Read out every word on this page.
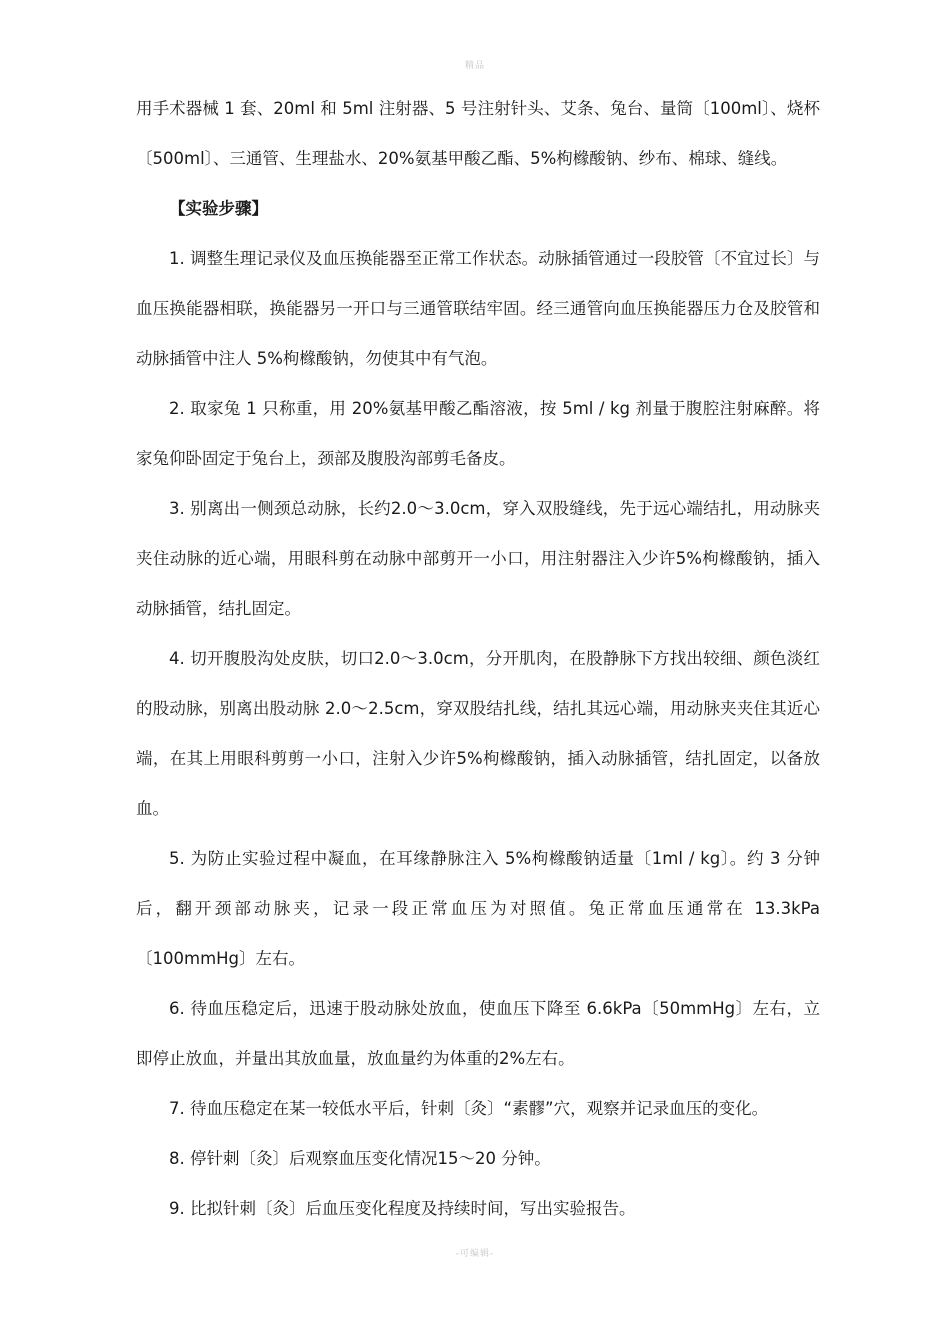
精品

用手术器械 1 套、20ml 和 5ml 注射器、5 号注射针头、艾条、兔台、量筒〔100ml〕、烧杯〔500ml〕、三通管、生理盐水、20%氨基甲酸乙酯、5%枸橼酸钠、纱布、棉球、缝线。

【实验步骤】

1. 调整生理记录仪及血压换能器至正常工作状态。动脉插管通过一段胶管〔不宜过长〕与血压换能器相联，换能器另一开口与三通管联结牢固。经三通管向血压换能器压力仓及胶管和动脉插管中注人 5%枸橼酸钠，勿使其中有气泡。

2. 取家兔 1 只称重，用 20%氨基甲酸乙酯溶液，按 5ml / kg 剂量于腹腔注射麻醉。将家兔仰卧固定于兔台上，颈部及腹股沟部剪毛备皮。

3. 别离出一侧颈总动脉，长约2.0～3.0cm，穿入双股缝线，先于远心端结扎，用动脉夹夹住动脉的近心端，用眼科剪在动脉中部剪开一小口，用注射器注入少许5%枸橼酸钠，插入动脉插管，结扎固定。

4. 切开腹股沟处皮肤，切口2.0～3.0cm，分开肌肉，在股静脉下方找出较细、颜色淡红的股动脉，别离出股动脉 2.0～2.5cm，穿双股结扎线，结扎其远心端，用动脉夹夹住其近心端，在其上用眼科剪剪一小口，注射入少许5%枸橼酸钠，插入动脉插管，结扎固定，以备放血。

5. 为防止实验过程中凝血，在耳缘静脉注入 5%枸橼酸钠适量〔1ml / kg〕。约 3 分钟后，翻开颈部动脉夹，记录一段正常血压为对照值。兔正常血压通常在 13.3kPa〔100mmHg〕左右。

6. 待血压稳定后，迅速于股动脉处放血，使血压下降至 6.6kPa〔50mmHg〕左右，立即停止放血，并量出其放血量，放血量约为体重的2%左右。

7. 待血压稳定在某一较低水平后，针刺〔灸〕“素髎”穴，观察并记录血压的变化。

8. 停针刺〔灸〕后观察血压变化情况15～20 分钟。

9. 比拟针刺〔灸〕后血压变化程度及持续时间，写出实验报告。

-可编辑-
